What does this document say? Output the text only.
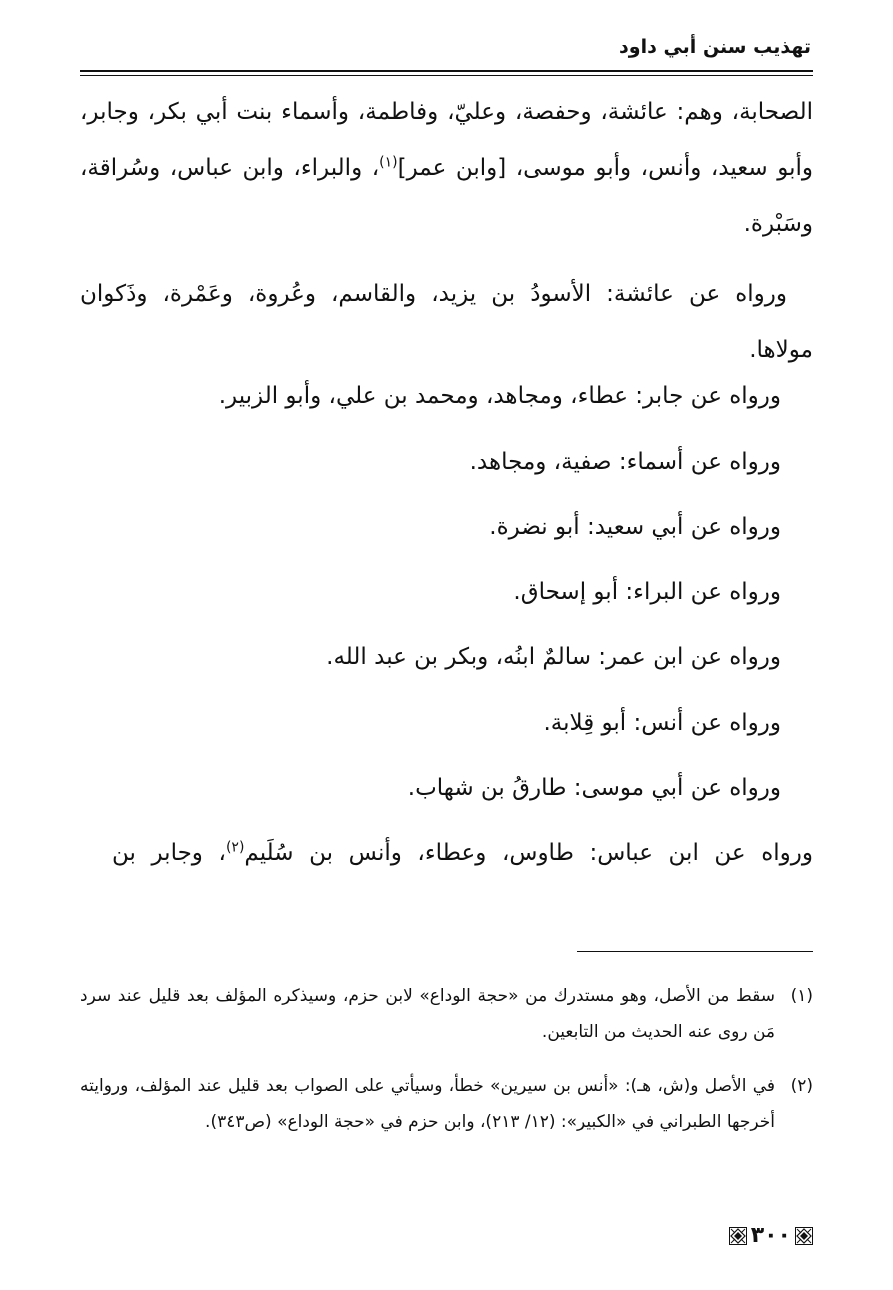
تهذيب سنن أبي داود
الصحابة، وهم: عائشة، وحفصة، وعليّ، وفاطمة، وأسماء بنت أبي بكر، وجابر، وأبو سعيد، وأنس، وأبو موسى، [وابن عمر]$^{(١)}$، والبراء، وابن عباس، وسُراقة، وسَبْرة.
ورواه عن عائشة: الأسودُ بن يزيد، والقاسم، وعُروة، وعَمْرة، وذَكوان مولاها.
ورواه عن جابر: عطاء، ومجاهد، ومحمد بن علي، وأبو الزبير.
ورواه عن أسماء: صفية، ومجاهد.
ورواه عن أبي سعيد: أبو نضرة.
ورواه عن البراء: أبو إسحاق.
ورواه عن ابن عمر: سالمٌ ابنُه، وبكر بن عبد الله.
ورواه عن أنس: أبو قِلابة.
ورواه عن أبي موسى: طارقُ بن شهاب.
ورواه عن ابن عباس: طاوس، وعطاء، وأنس بن سُلَيم$^{(٢)}$، وجابر بن
(١)
سقط من الأصل، وهو مستدرك من «حجة الوداع» لابن حزم، وسيذكره المؤلف بعد قليل عند سرد مَن روى عنه الحديث من التابعين.
(٢)
في الأصل و(ش، هـ): «أنس بن سيرين» خطأ، وسيأتي على الصواب بعد قليل عند المؤلف، وروايته أخرجها الطبراني في «الكبير»: (١٢/ ٢١٣)، وابن حزم في «حجة الوداع» (ص٣٤٣).
٣٠٠
